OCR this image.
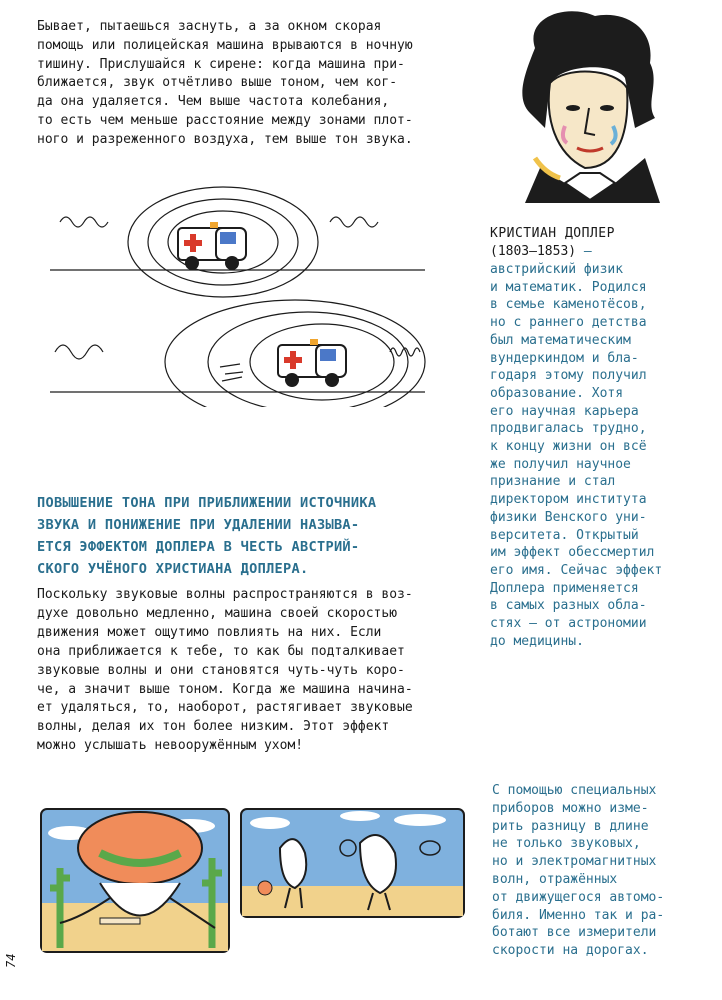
Бывает, пытаешься заснуть, а за окном скорая
помощь или полицейская машина врываются в ночную
тишину. Прислушайся к сирене: когда машина при-
ближается, звук отчётливо выше тоном, чем ког-
да она удаляется. Чем выше частота колебания,
то есть чем меньше расстояние между зонами плот-
ного и разреженного воздуха, тем выше тон звука.
КРИСТИАН ДОПЛЕР
(1803–1853) —
австрийский физик
и математик. Родился
в семье каменотёсов,
но с раннего детства
был математическим
вундеркиндом и бла-
годаря этому получил
образование. Хотя
его научная карьера
продвигалась трудно,
к концу жизни он всё
же получил научное
признание и стал
директором института
физики Венского уни-
верситета. Открытый
им эффект обессмертил
его имя. Сейчас эффект
Доплера применяется
в самых разных обла-
стях — от астрономии
до медицины.
ПОВЫШЕНИЕ ТОНА ПРИ ПРИБЛИЖЕНИИ ИСТОЧНИКА
ЗВУКА И ПОНИЖЕНИЕ ПРИ УДАЛЕНИИ НАЗЫВА-
ЕТСЯ ЭФФЕКТОМ ДОПЛЕРА В ЧЕСТЬ АВСТРИЙ-
СКОГО УЧЁНОГО ХРИСТИАНА ДОПЛЕРА.
Поскольку звуковые волны распространяются в воз-
духе довольно медленно, машина своей скоростью
движения может ощутимо повлиять на них. Если
она приближается к тебе, то как бы подталкивает
звуковые волны и они становятся чуть-чуть коро-
че, а значит выше тоном. Когда же машина начина-
ет удаляться, то, наоборот, растягивает звуковые
волны, делая их тон более низким. Этот эффект
можно услышать невооружённым ухом!
С помощью специальных
приборов можно изме-
рить разницу в длине
не только звуковых,
но и электромагнитных
волн, отражённых
от движущегося автомо-
биля. Именно так и ра-
ботают все измерители
скорости на дорогах.
74
